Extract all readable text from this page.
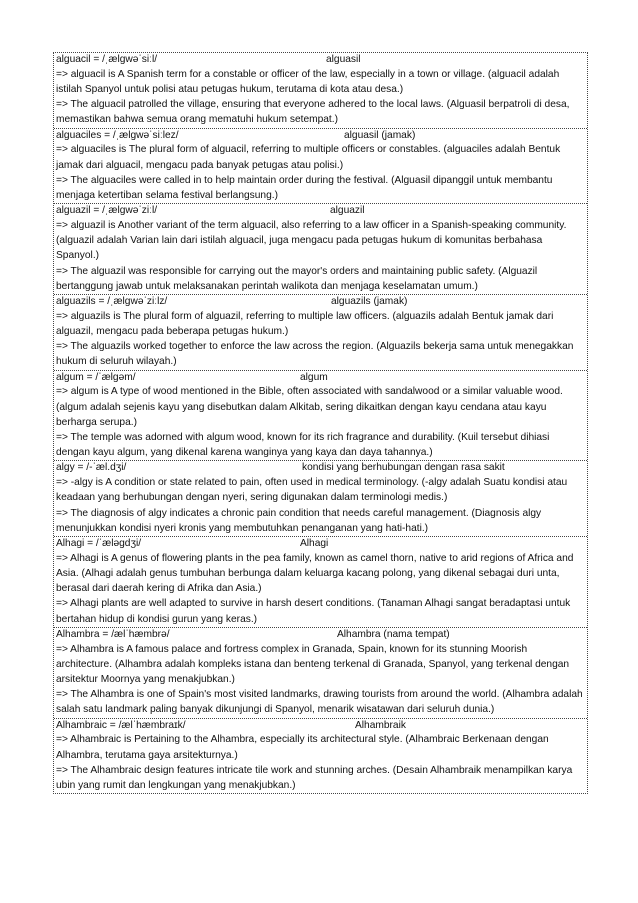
alguacil = /ˌælɡwəˈsiːl/	alguasil
=> alguacil is A Spanish term for a constable or officer of the law, especially in a town or village. (alguacil adalah istilah Spanyol untuk polisi atau petugas hukum, terutama di kota atau desa.)
=> The alguacil patrolled the village, ensuring that everyone adhered to the local laws. (Alguasil berpatroli di desa, memastikan bahwa semua orang mematuhi hukum setempat.)
alguaciles = /ˌælɡwəˈsiːlez/	alguasil (jamak)
=> alguaciles is The plural form of alguacil, referring to multiple officers or constables. (alguaciles adalah Bentuk jamak dari alguacil, mengacu pada banyak petugas atau polisi.)
=> The alguaciles were called in to help maintain order during the festival. (Alguasil dipanggil untuk membantu menjaga ketertiban selama festival berlangsung.)
alguazil = /ˌælɡwəˈziːl/	alguazil
=> alguazil is Another variant of the term alguacil, also referring to a law officer in a Spanish-speaking community. (alguazil adalah Varian lain dari istilah alguacil, juga mengacu pada petugas hukum di komunitas berbahasa Spanyol.)
=> The alguazil was responsible for carrying out the mayor's orders and maintaining public safety. (Alguazil bertanggung jawab untuk melaksanakan perintah walikota dan menjaga keselamatan umum.)
alguazils = /ˌælɡwəˈziːlz/	alguazils (jamak)
=> alguazils is The plural form of alguazil, referring to multiple law officers. (alguazils adalah Bentuk jamak dari alguazil, mengacu pada beberapa petugas hukum.)
=> The alguazils worked together to enforce the law across the region. (Alguazils bekerja sama untuk menegakkan hukum di seluruh wilayah.)
algum = /ˈælɡəm/	algum
=> algum is A type of wood mentioned in the Bible, often associated with sandalwood or a similar valuable wood. (algum adalah sejenis kayu yang disebutkan dalam Alkitab, sering dikaitkan dengan kayu cendana atau kayu berharga serupa.)
=> The temple was adorned with algum wood, known for its rich fragrance and durability. (Kuil tersebut dihiasi dengan kayu algum, yang dikenal karena wanginya yang kaya dan daya tahannya.)
algy = /-ˈæl.dʒi/	kondisi yang berhubungan dengan rasa sakit
=> -algy is A condition or state related to pain, often used in medical terminology. (-algy adalah Suatu kondisi atau keadaan yang berhubungan dengan nyeri, sering digunakan dalam terminologi medis.)
=> The diagnosis of algy indicates a chronic pain condition that needs careful management. (Diagnosis algy menunjukkan kondisi nyeri kronis yang membutuhkan penanganan yang hati-hati.)
Alhagi = /ˈæləɡdʒi/	Alhagi
=> Alhagi is A genus of flowering plants in the pea family, known as camel thorn, native to arid regions of Africa and Asia. (Alhagi adalah genus tumbuhan berbunga dalam keluarga kacang polong, yang dikenal sebagai duri unta, berasal dari daerah kering di Afrika dan Asia.)
=> Alhagi plants are well adapted to survive in harsh desert conditions. (Tanaman Alhagi sangat beradaptasi untuk bertahan hidup di kondisi gurun yang keras.)
Alhambra = /ælˈhæmbrə/	Alhambra (nama tempat)
=> Alhambra is A famous palace and fortress complex in Granada, Spain, known for its stunning Moorish architecture. (Alhambra adalah kompleks istana dan benteng terkenal di Granada, Spanyol, yang terkenal dengan arsitektur Moornya yang menakjubkan.)
=> The Alhambra is one of Spain's most visited landmarks, drawing tourists from around the world. (Alhambra adalah salah satu landmark paling banyak dikunjungi di Spanyol, menarik wisatawan dari seluruh dunia.)
Alhambraic = /ælˈhæmbraɪk/	Alhambraik
=> Alhambraic is Pertaining to the Alhambra, especially its architectural style. (Alhambraic Berkenaan dengan Alhambra, terutama gaya arsitekturnya.)
=> The Alhambraic design features intricate tile work and stunning arches. (Desain Alhambraik menampilkan karya ubin yang rumit dan lengkungan yang menakjubkan.)
